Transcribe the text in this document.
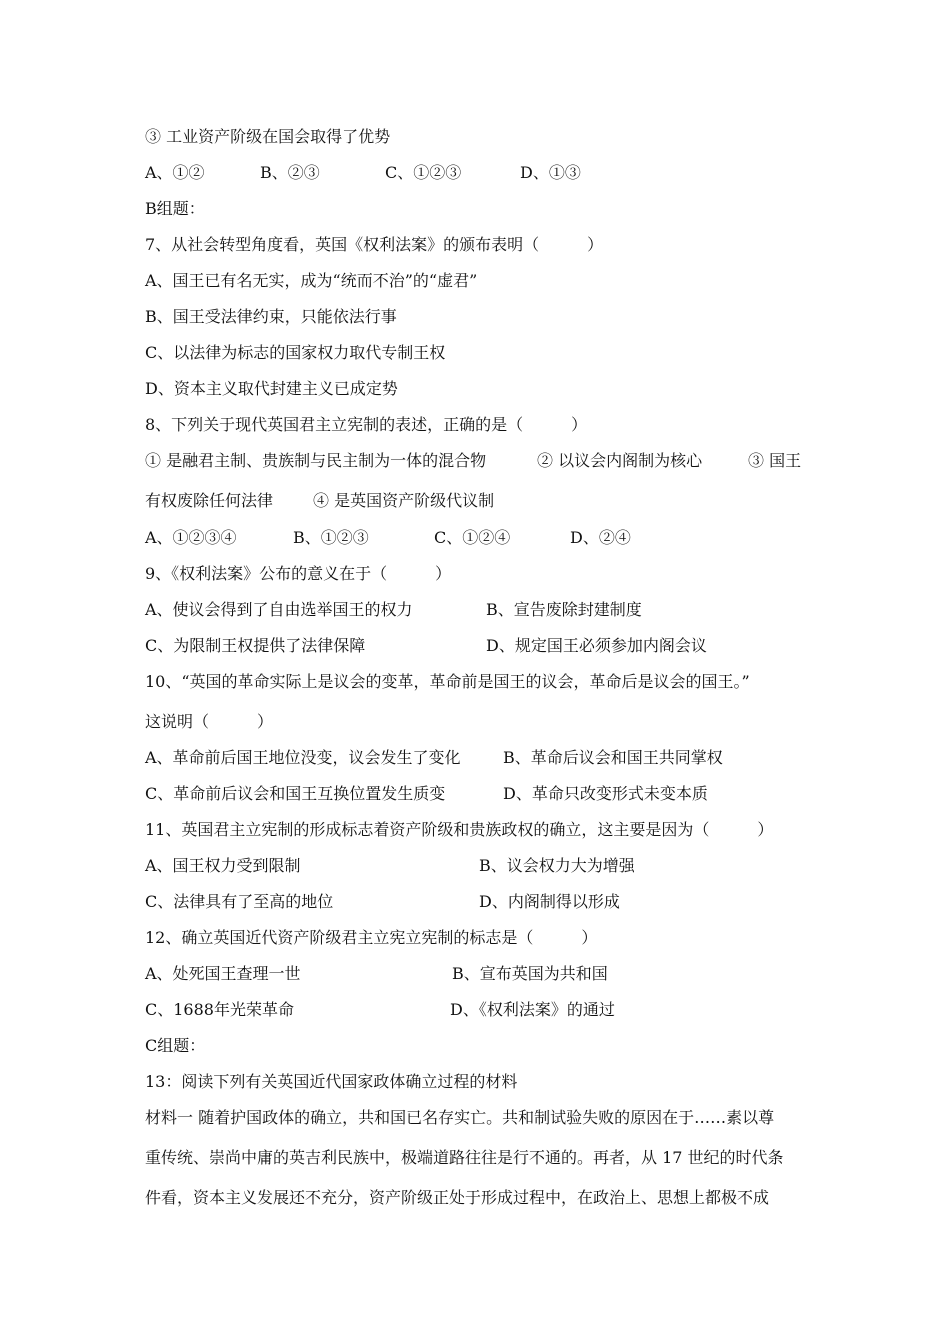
③ 工业资产阶级在国会取得了优势
A、①②	B、②③	C、①②③	D、①③
B组题：
7、从社会转型角度看，英国《权利法案》的颁布表明（　　　）
A、国王已有名无实，成为“统而不治”的“虚君”
B、国王受法律约束，只能依法行事
C、以法律为标志的国家权力取代专制王权
D、资本主义取代封建主义已成定势
8、下列关于现代英国君主立宪制的表述，正确的是（　　　）
① 是融君主制、贵族制与民主制为一体的混合物	② 以议会内阁制为核心	③ 国王
有权废除任何法律 ④ 是英国资产阶级代议制
A、①②③④	B、①②③	C、①②④	D、②④
9、《权利法案》公布的意义在于（　　　）
A、使议会得到了自由选举国王的权力	B、宣告废除封建制度
C、为限制王权提供了法律保障	D、规定国王必须参加内阁会议
10、“英国的革命实际上是议会的变革，革命前是国王的议会，革命后是议会的国王。”
这说明（　　　）
A、革命前后国王地位没变，议会发生了变化	B、革命后议会和国王共同掌权
C、革命前后议会和国王互换位置发生质变	D、革命只改变形式未变本质
11、英国君主立宪制的形成标志着资产阶级和贵族政权的确立，这主要是因为（　　　）
A、国王权力受到限制	B、议会权力大为增强
C、法律具有了至高的地位	D、内阁制得以形成
12、确立英国近代资产阶级君主立宪立宪制的标志是（　　　）
A、处死国王查理一世	B、宣布英国为共和国
C、1688年光荣革命	D、《权利法案》的通过
C组题：
13：阅读下列有关英国近代国家政体确立过程的材料
材料一 随着护国政体的确立，共和国已名存实亡。共和制试验失败的原因在于……素以尊
重传统、崇尚中庸的英吉利民族中，极端道路往往是行不通的。再者，从 17 世纪的时代条
件看，资本主义发展还不充分，资产阶级正处于形成过程中，在政治上、思想上都极不成
